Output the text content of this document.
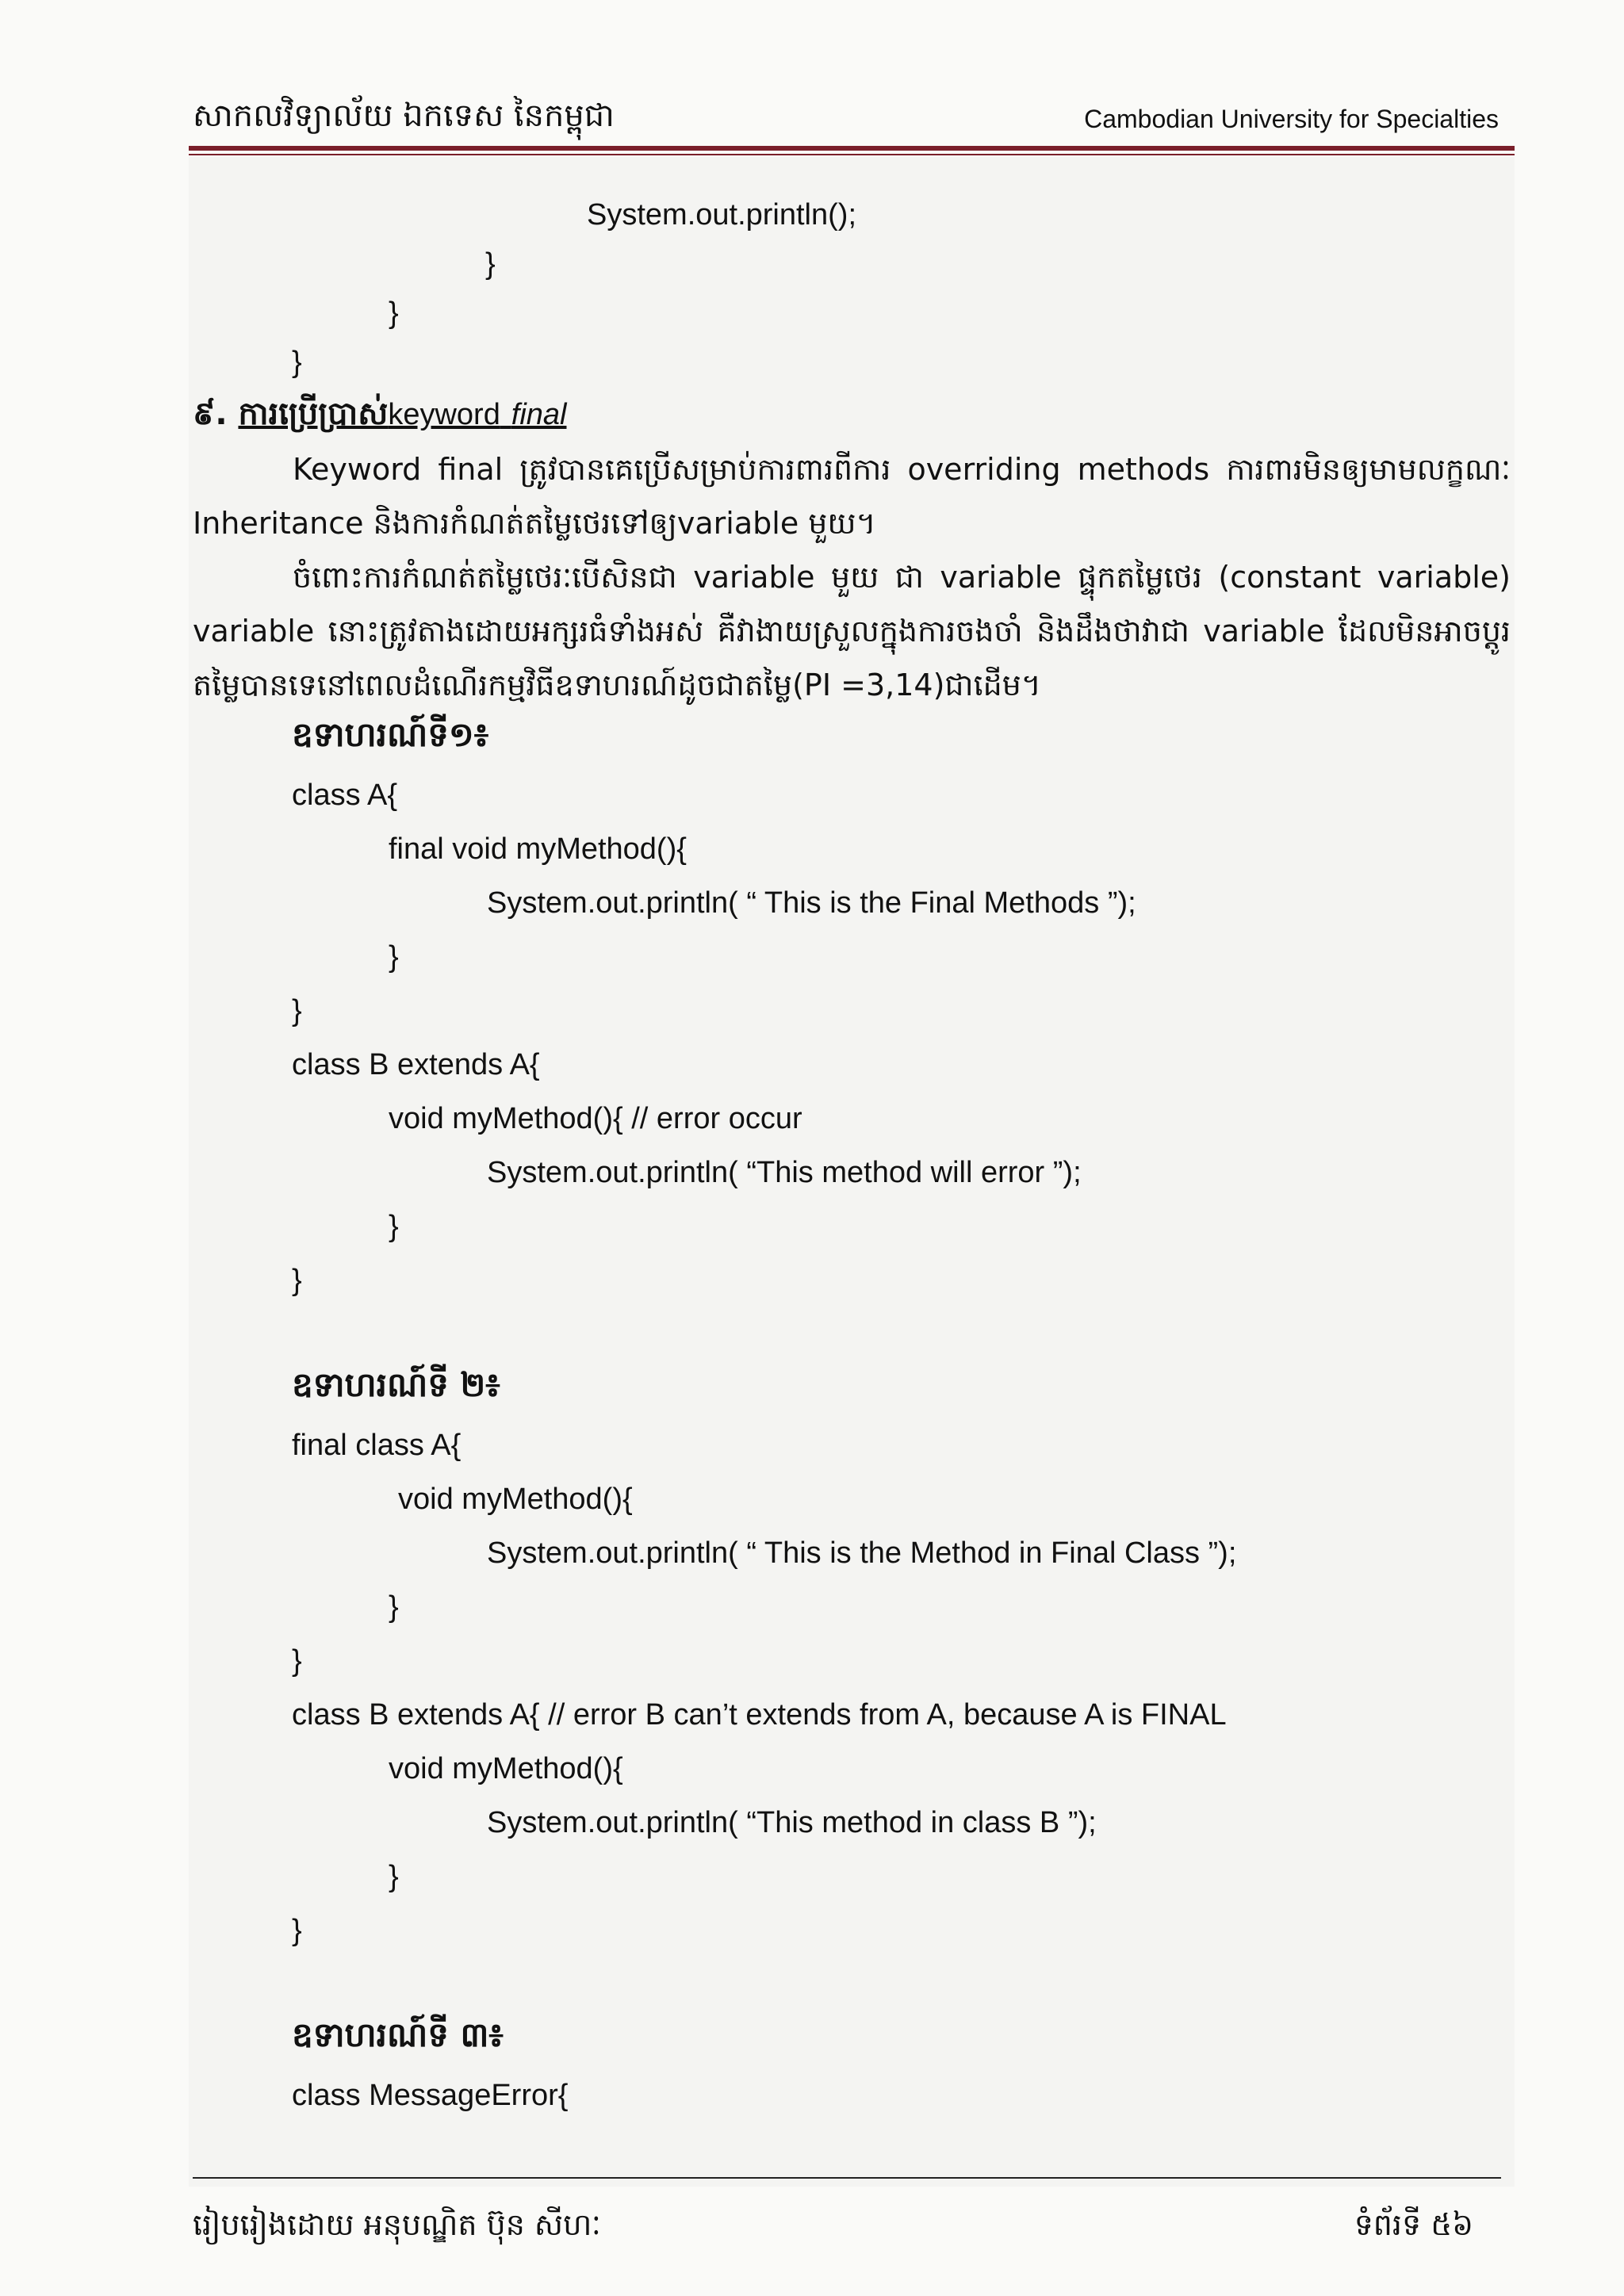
សាកលវិទ្យាល័យ ឯកទេស នៃកម្ពុជា	Cambodian University for Specialties
System.out.println();
}
}
}
៩. ការប្រើប្រាស់keyword final

Keyword final ត្រូវបានគេប្រើសម្រាប់ការពារពីការ overriding methods ការពារមិនឲ្យមាមលក្ខណៈ Inheritance និងការកំណត់តម្លៃថេរទៅឲ្យvariable មួយ។

ចំពោះការកំណត់តម្លៃថេរៈបើសិនជា variable មួយ ជា variable ផ្ទុកតម្លៃថេរ (constant variable) variable នោះត្រូវតាងដោយអក្សរធំទាំងអស់ គឺវាងាយស្រួលក្នុងការចងចាំ និងដឹងថាវាជា variable ដែលមិនអាចប្តូរតម្លៃបានទេនៅពេលដំណើរកម្មវិធីឧទាហរណ៍ដូចជាតម្លៃ(PI =3,14)ជាដើម។

ឧទាហរណ៍ទី១៖
class A{
final void myMethod(){
System.out.println( “ This is the Final Methods ”);
}
}
class B extends A{
void myMethod(){ // error occur
System.out.println( “This method will error ”);
}
}
ឧទាហរណ៍ទី ២៖
final class A{
void myMethod(){
System.out.println( “ This is the Method in Final Class ”);
}
}
class B extends A{ // error B can’t extends from A, because A is FINAL
void myMethod(){
System.out.println( “This method in class B ”);
}
}
ឧទាហរណ៍ទី ៣៖
class MessageError{
រៀបរៀងដោយ អនុបណ្ឌិត ប៊ុន សីហៈ	ទំព័រទី ៥៦
